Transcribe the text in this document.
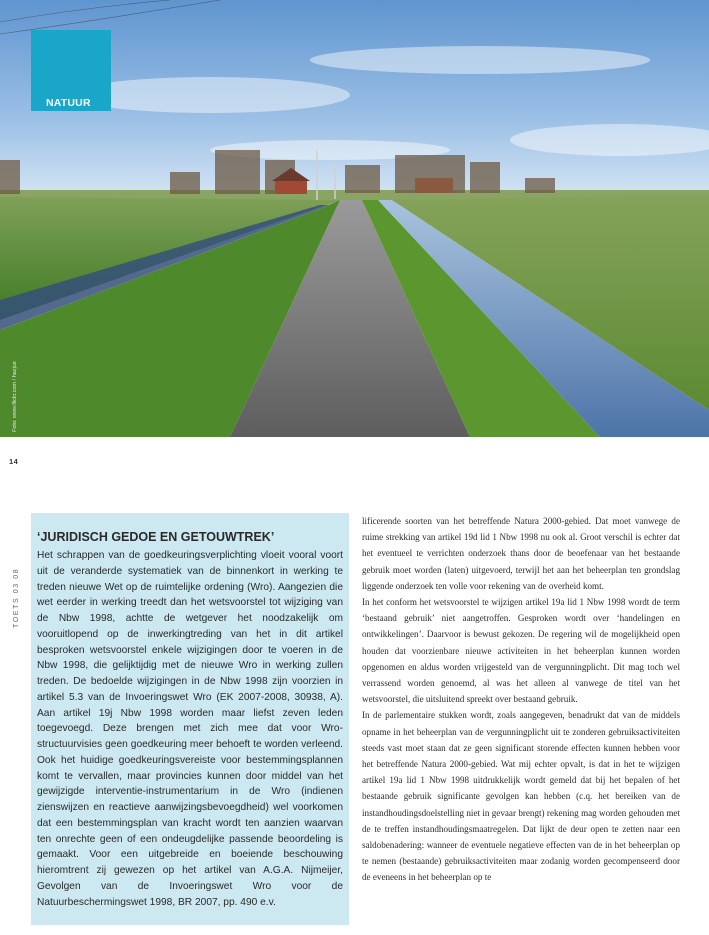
NATUUR
Foto: www.flickr.com / hazjus
14
TOETS 03 08
‘JURIDISCH GEDOE EN GETOUWTREK’

Het schrappen van de goedkeuringsverplichting vloeit vooral voort uit de veranderde systematiek van de binnenkort in werking te treden nieuwe Wet op de ruimtelijke ordening (Wro). Aangezien die wet eerder in werking treedt dan het wetsvoorstel tot wijziging van de Nbw 1998, achtte de wetgever het noodzakelijk om vooruitlopend op de inwerkingtreding van het in dit artikel besproken wetsvoorstel enkele wijzigingen door te voeren in de Nbw 1998, die gelijktijdig met de nieuwe Wro in werking zullen treden. De bedoelde wijzigingen in de Nbw 1998 zijn voorzien in artikel 5.3 van de Invoeringswet Wro (EK 2007-2008, 30938, A). Aan artikel 19j Nbw 1998 worden maar liefst zeven leden toegevoegd. Deze brengen met zich mee dat voor Wro-structuurvisies geen goedkeuring meer behoeft te worden verleend. Ook het huidige goedkeuringsvereiste voor bestemmingsplannen komt te vervallen, maar provincies kunnen door middel van het gewijzigde interventie-instrumentarium in de Wro (indienen zienswijzen en reactieve aanwijzingsbevoegdheid) wel voorkomen dat een bestemmingsplan van kracht wordt ten aanzien waarvan ten onrechte geen of een ondeugdelijke passende beoordeling is gemaakt. Voor een uitgebreide en boeiende beschouwing hieromtrent zij gewezen op het artikel van A.G.A. Nijmeijer, Gevolgen van de Invoeringswet Wro voor de Natuurbeschermingswet 1998, BR 2007, pp. 490 e.v.

lificerende soorten van het betreffende Natura 2000-gebied. Dat moet vanwege de ruime strekking van artikel 19d lid 1 Nbw 1998 nu ook al. Groot verschil is echter dat het eventueel te verrichten onderzoek thans door de beoefenaar van het bestaande gebruik moet worden (laten) uitgevoerd, terwijl het aan het beheerplan ten grondslag liggende onderzoek ten volle voor rekening van de overheid komt.

In het conform het wetsvoorstel te wijzigen artikel 19a lid 1 Nbw 1998 wordt de term ‘bestaand gebruik’ niet aangetroffen. Gesproken wordt over ‘handelingen en ontwikkelingen’. Daarvoor is bewust gekozen. De regering wil de mogelijkheid open houden dat voorzienbare nieuwe activiteiten in het beheerplan kunnen worden opgenomen en aldus worden vrijgesteld van de vergunningplicht. Dit mag toch wel verrassend worden genoemd, al was het alleen al vanwege de titel van het wetsvoorstel, die uitsluitend spreekt over bestaand gebruik.

In de parlementaire stukken wordt, zoals aangegeven, benadrukt dat van de middels opname in het beheerplan van de vergunningplicht uit te zonderen gebruiksactiviteiten steeds vast moet staan dat ze geen significant storende effecten kunnen hebben voor het betreffende Natura 2000-gebied. Wat mij echter opvalt, is dat in het te wijzigen artikel 19a lid 1 Nbw 1998 uitdrukkelijk wordt gemeld dat bij het bepalen of het bestaande gebruik significante gevolgen kan hebben (c.q. het bereiken van de instandhoudingsdoelstelling niet in gevaar brengt) rekening mag worden gehouden met de te treffen instandhoudingsmaatregelen. Dat lijkt de deur open te zetten naar een saldobenadering: wanneer de eventuele negatieve effecten van de in het beheerplan op te nemen (bestaande) gebruiksactiviteiten maar zodanig worden gecompenseerd door de eveneens in het beheerplan op te
